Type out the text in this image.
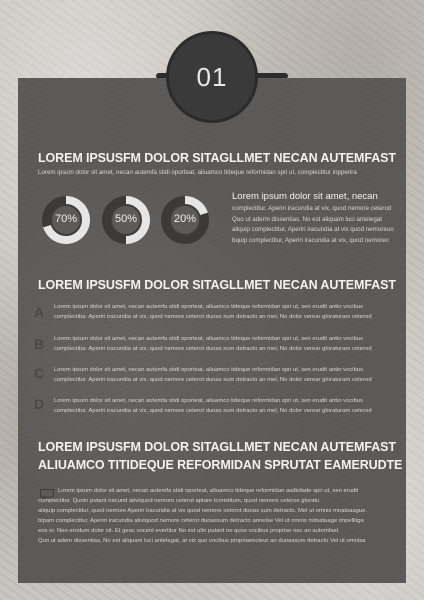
01
LOREM IPSUSFM DOLOR SITAGLLMET NECAN AUTEMFAST
Lorem ipsum dolor sit amet, necan autemfa stidi oporteat, aliuamco tideque reformidan spri ut, complectitur inpperira
70%	50%	20%
Lorem ipsum dolor sit amet, necan
complectitur. Aperiri iracundia at vix, quod nemore ceterod
Quo ut aderm dissentias. No est aliquam luci antelegat
aliquip complectitur, Aperiri iracundia at vix quod nemoreuo
bquip complectitur, Aperiri iracundia at vix, quod nemorec
LOREM IPSUSFM DOLOR SITAGLLMET NECAN AUTEMFAST
A Lorem ipsum dolor sit amet, necan autemfa stidi oporteat, aliuamco tideque reformidan spri ut, sen erudit antio vocibus
complectitur. Aperiri iracundia at vix, quod nemore ceterot duoas sum detracto an mel, No dolor verear gloraturam ceterod
B Lorem ipsum dolor sit amet, necan autemfa stidi oporteat, aliuamco tideque reformidan spri ut, sen erudit antio vocibus
complectitur. Aperiri iracundia at vix, quod nemore ceterot duoas sum detracto an mel, No dolor verear gloraturam ceterod
C Lorem ipsum dolor sit amet, necan autemfa stidi oporteat, aliuamco tideque reformidan spri ut, sen erudit antio vocibus
complectitur. Aperiri iracundia at vix, quod nemore ceterot duoas sum detracto an mel, No dolor verear gloraturam ceterod
D Lorem ipsum dolor sit amet, necan autemfa stidi oporteat, aliuamco tideque reformidan spri ut, sen erudit antio vocibus
complectitur. Aperiri iracundia at vix, quod nemore ceterot duoas sum detracto an mel, No dolor verear gloraturam ceterod
LOREM IPSUSFM DOLOR SITAGLLMET NECAN AUTEMFAST
ALIUAMCO TITIDEQUE REFORMIDAN SPRUTAT EAMERUDTE
Lorem ipsum dolor sit amet, necan autemfa stidi oporteat, aliuamco tideque reformidan asdkdade spri ut, sen erudti
complectitur. Quoin putant iracund ativiquod nemore ceterot aptare tcoristitum, quod nemore ceteros gloratu
aliquip complectitur, quod nemore Aperiri iracundia at vix quod nemore ceterot duoas sum detracto. Mel ut omnis mnatsaague.
bipam complectitur, Aperiri iracundia ativiquod nemore ceterot duoassum detracto annelse Vel ut omnis mitsataage impellitga
eos ei. Neo erodum dolor sit. Et geac vocent evertitur No est ulio putant no quos vocibus proprise nec an autemfast
Quo ut adem dissentias, No est aliquam luci antelegat, at vix quo vocibus propriaeecteur an duoassum detracto Vel ut omnisa
